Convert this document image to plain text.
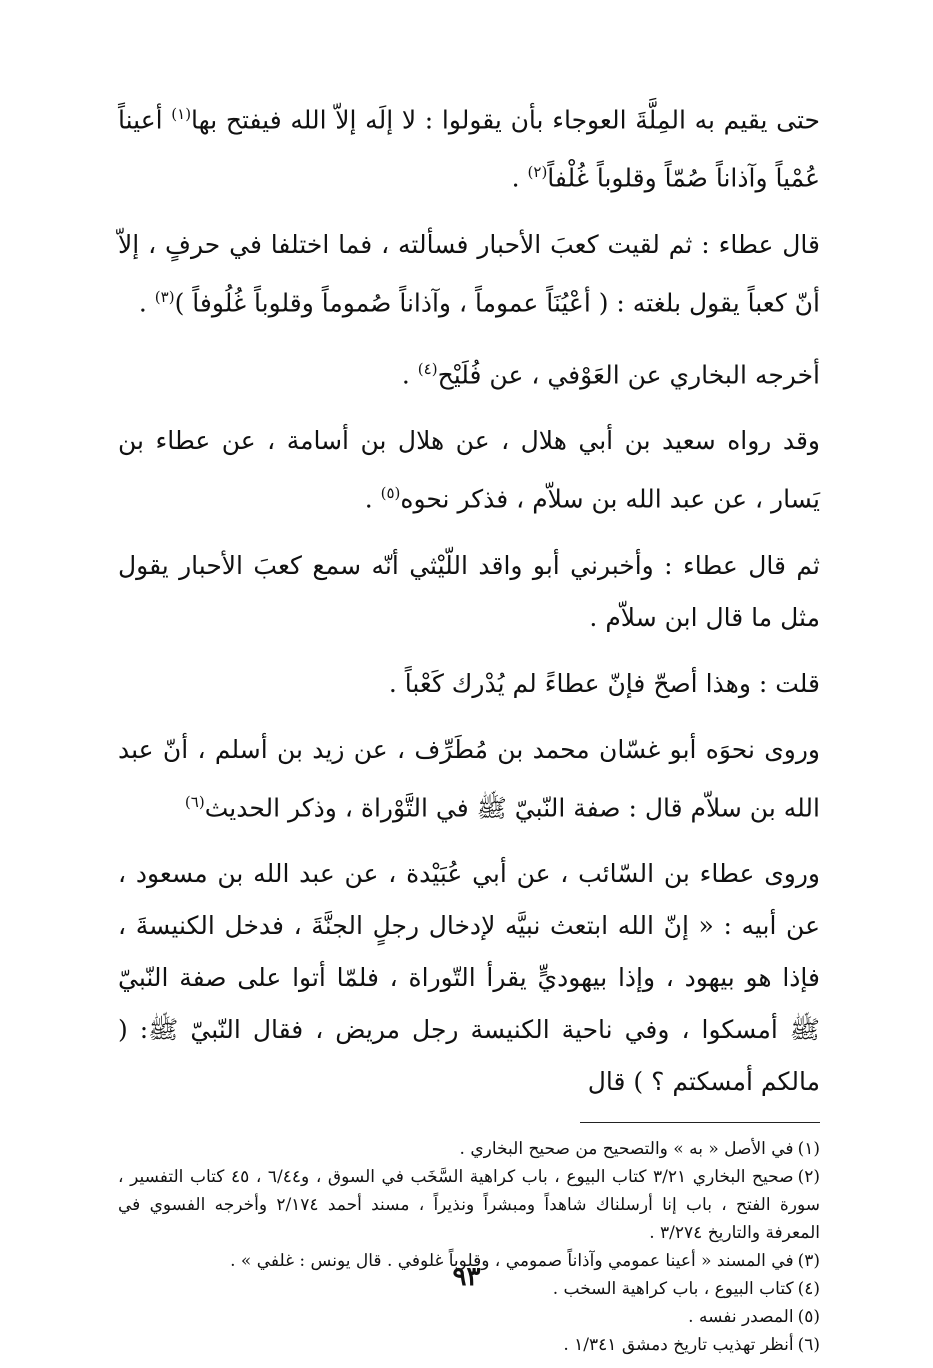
حتى يقيم به المِلَّةَ العوجاء بأن يقولوا : لا إلَه إلاّ الله فيفتح بها$^{(١)}$ أعيناً عُمْياً وآذاناً صُمّاً وقلوباً غُلْفاً$^{(٢)}$ .

قال عطاء : ثم لقيت كعبَ الأحبار فسألته ، فما اختلفا في حرفٍ ، إلاّ أنّ كعباً يقول بلغته : ( أعْيُنَاً عموماً ، وآذاناً صُموماً وقلوباً غُلُوفاً )$^{(٣)}$ .

أخرجه البخاري عن العَوْفي ، عن فُلَيْح$^{(٤)}$ .

وقد رواه سعيد بن أبي هلال ، عن هلال بن أسامة ، عن عطاء بن يَسار ، عن عبد الله بن سلاّم ، فذكر نحوه$^{(٥)}$ .

ثم قال عطاء : وأخبرني أبو واقد اللّيْثي أنّه سمع كعبَ الأحبار يقول مثل ما قال ابن سلاّم .

قلت : وهذا أصحّ فإنّ عطاءً لم يُدْرك كَعْباً .

وروى نحوَه أبو غسّان محمد بن مُطَرِّف ، عن زيد بن أسلم ، أنّ عبد الله بن سلاّم قال : صفة النّبيّ ﷺ في التَّوْراة ، وذكر الحديث$^{(٦)}$

وروى عطاء بن السّائب ، عن أبي عُبَيْدة ، عن عبد الله بن مسعود ، عن أبيه : « إنّ الله ابتعث نبيَّه لإدخال رجلٍ الجنَّةَ ، فدخل الكنيسةَ ، فإذا هو بيهود ، وإذا بيهوديٍّ يقرأ التّوراة ، فلمّا أتوا على صفة النّبيّ ﷺ أمسكوا ، وفي ناحية الكنيسة رجل مريض ، فقال النّبيّ ﷺ: ( مالكم أمسكتم ؟ ) قال

(١)في الأصل « به » والتصحيح من صحيح البخاري .

(٢)صحيح البخاري ٣/٢١ كتاب البيوع ، باب كراهية السَّخَب في السوق ، و٦/٤٤ ، ٤٥ كتاب التفسير ، سورة الفتح ، باب إنا أرسلناك شاهداً ومبشراً ونذيراً ، مسند أحمد ٢/١٧٤ وأخرجه الفسوي في المعرفة والتاريخ ٣/٢٧٤ .

(٣)في المسند « أعينا عمومي وآذاناً صمومي ، وقلوباً غلوفي . قال يونس : غلفي » .

(٤)كتاب البيوع ، باب كراهية السخب .

(٥)المصدر نفسه .

(٦)أنظر تهذيب تاريخ دمشق ١/٣٤١ .

٩٣
